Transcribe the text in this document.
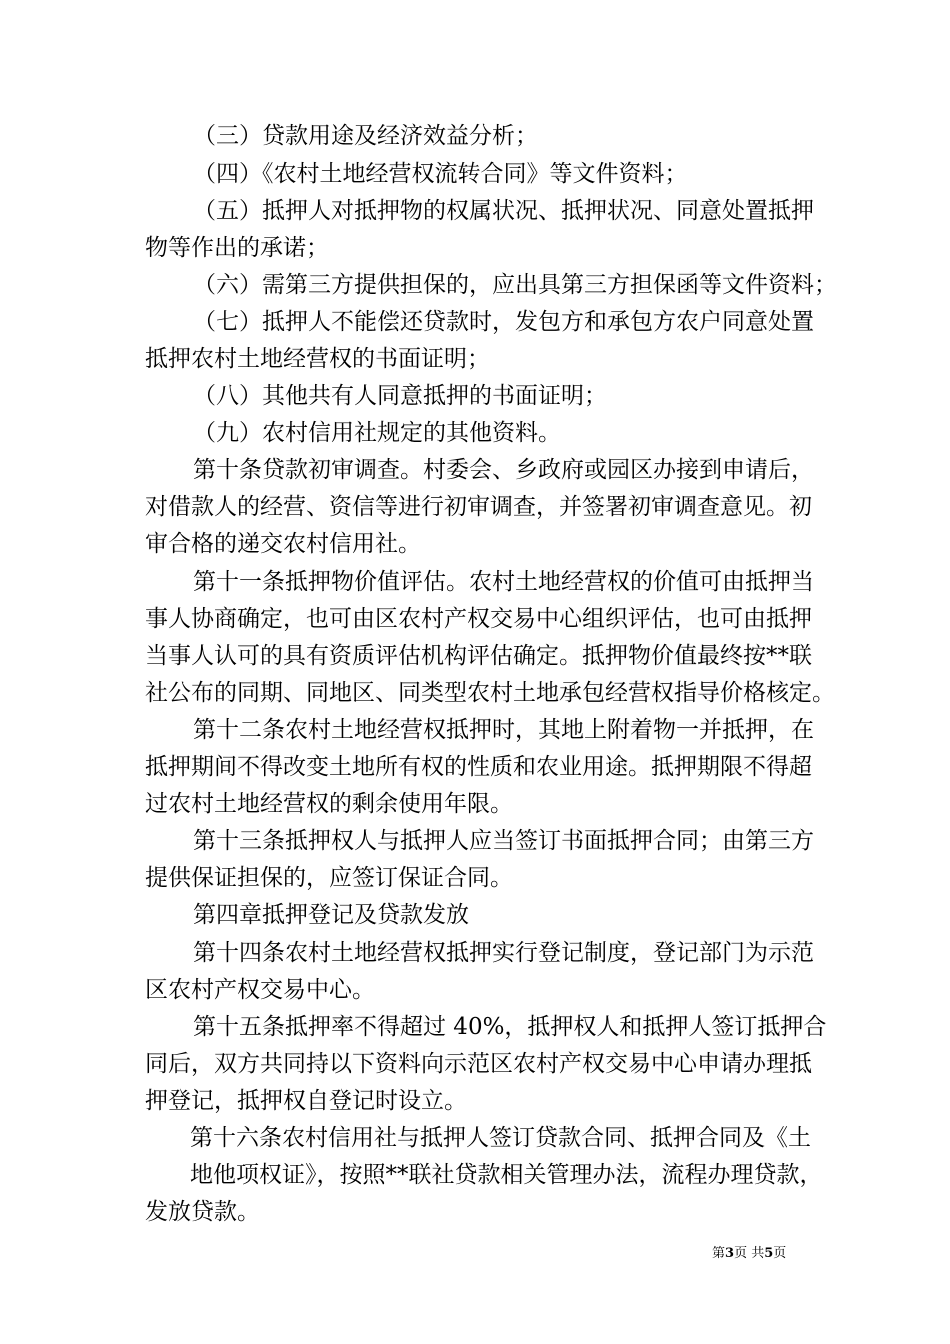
（三）贷款用途及经济效益分析；

（四）《农村土地经营权流转合同》等文件资料；

（五）抵押人对抵押物的权属状况、抵押状况、同意处置抵押

物等作出的承诺；

（六）需第三方提供担保的，应出具第三方担保函等文件资料；

（七）抵押人不能偿还贷款时，发包方和承包方农户同意处置

抵押农村土地经营权的书面证明；

（八）其他共有人同意抵押的书面证明；

（九）农村信用社规定的其他资料。

第十条贷款初审调查。村委会、乡政府或园区办接到申请后，

对借款人的经营、资信等进行初审调查，并签署初审调查意见。初

审合格的递交农村信用社。

第十一条抵押物价值评估。农村土地经营权的价值可由抵押当

事人协商确定，也可由区农村产权交易中心组织评估，也可由抵押

当事人认可的具有资质评估机构评估确定。抵押物价值最终按**联

社公布的同期、同地区、同类型农村土地承包经营权指导价格核定。

第十二条农村土地经营权抵押时，其地上附着物一并抵押，在

抵押期间不得改变土地所有权的性质和农业用途。抵押期限不得超

过农村土地经营权的剩余使用年限。

第十三条抵押权人与抵押人应当签订书面抵押合同；由第三方

提供保证担保的，应签订保证合同。

第四章抵押登记及贷款发放

第十四条农村土地经营权抵押实行登记制度，登记部门为示范

区农村产权交易中心。

第十五条抵押率不得超过 40%，抵押权人和抵押人签订抵押合

同后，双方共同持以下资料向示范区农村产权交易中心申请办理抵

押登记，抵押权自登记时设立。

第十六条农村信用社与抵押人签订贷款合同、抵押合同及《土

地他项权证》，按照**联社贷款相关管理办法，流程办理贷款，

发放贷款。

第3页 共5页
